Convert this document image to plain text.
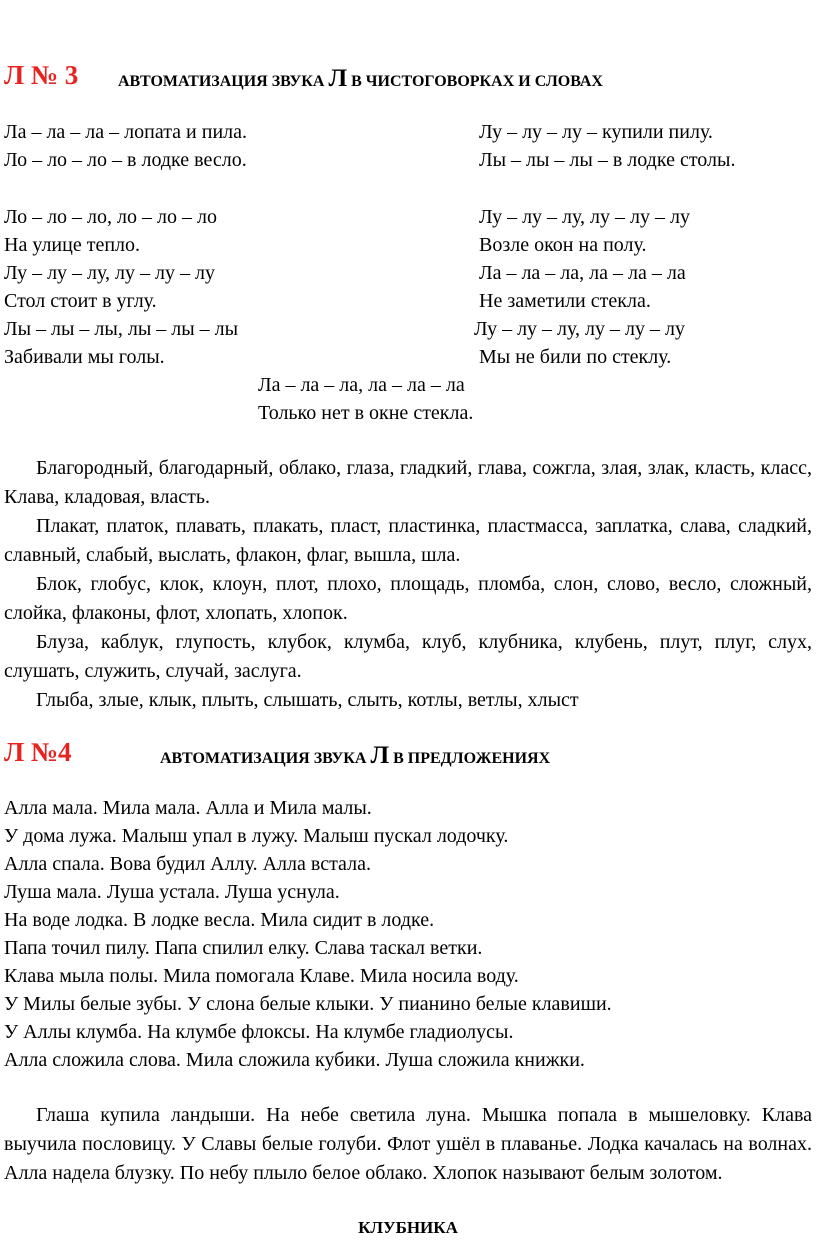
Л № 3 АВТОМАТИЗАЦИЯ ЗВУКА Л В ЧИСТОГОВОРКАХ И СЛОВАХ
Ла – ла – ла – лопата и пила.
Ло – ло – ло – в лодке весло.
Ло – ло – ло, ло – ло – ло
На улице тепло.
Лу – лу – лу, лу – лу – лу
Стол стоит в углу.
Лы – лы – лы, лы – лы – лы
Забивали мы голы.
Лу – лу – лу – купили пилу.
Лы – лы – лы – в лодке столы.
Лу – лу – лу, лу – лу – лу
Возле окон на полу.
Ла – ла – ла, ла – ла – ла
Не заметили стекла.
Лу – лу – лу, лу – лу – лу
Мы не били по стеклу.
Ла – ла – ла, ла – ла – ла
Только нет в окне стекла.

Благородный, благодарный, облако, глаза, гладкий, глава, сожгла, злая, злак, класть, класс, Клава, кладовая, власть.

Плакат, платок, плавать, плакать, пласт, пластинка, пластмасса, заплатка, слава, сладкий, славный, слабый, выслать, флакон, флаг, вышла, шла.

Блок, глобус, клок, клоун, плот, плохо, площадь, пломба, слон, слово, весло, сложный, слойка, флаконы, флот, хлопать, хлопок.

Блуза, каблук, глупость, клубок, клумба, клуб, клубника, клубень, плут, плуг, слух, слушать, служить, случай, заслуга.

Глыба, злые, клык, плыть, слышать, слыть, котлы, ветлы, хлыст

Л №4	АВТОМАТИЗАЦИЯ ЗВУКА Л В ПРЕДЛОЖЕНИЯХ
Алла мала. Мила мала. Алла и Мила малы.
У дома лужа. Малыш упал в лужу. Малыш пускал лодочку.
Алла спала. Вова будил Аллу. Алла встала.
Луша мала. Луша устала. Луша уснула.
На воде лодка. В лодке весла. Мила сидит в лодке.
Папа точил пилу. Папа спилил елку. Слава таскал ветки.
Клава мыла полы. Мила помогала Клаве. Мила носила воду.
У Милы белые зубы. У слона белые клыки. У пианино белые клавиши.
У Аллы клумба. На клумбе флоксы. На клумбе гладиолусы.
Алла сложила слова. Мила сложила кубики. Луша сложила книжки.

Глаша купила ландыши. На небе светила луна. Мышка попала в мышеловку. Клава выучила пословицу. У Славы белые голуби. Флот ушёл в плаванье. Лодка качалась на волнах. Алла надела блузку. По небу плыло белое облако. Хлопок называют белым золотом.

КЛУБНИКА
